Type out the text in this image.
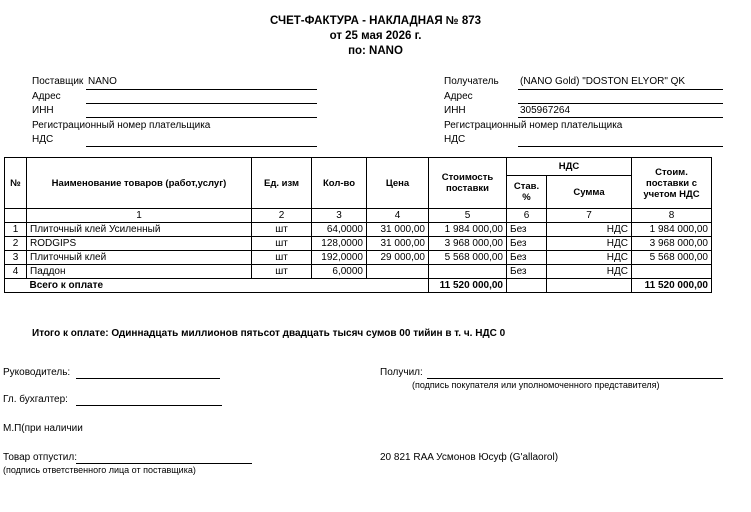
СЧЕТ-ФАКТУРА - НАКЛАДНАЯ № 873
от 25 мая 2026 г.
по: NANO
Поставщик NANO
Адрес
ИНН
Регистрационный номер плательщика
НДС
Получатель (NANO Gold) "DOSTON ELYOR" QK
Адрес
ИНН	305967264
Регистрационный номер плательщика
НДС
№	Наименование товаров (работ,услуг)	Ед. изм	Кол-во	Цена	Стоимость поставки	НДС		Стоим. поставки с учетом НДС
						Став. %	Сумма	
	1	2	3	4	5	6	7	8
1	Плиточный клей Усиленный	шт	64,0000	31 000,00	1 984 000,00	Без	НДС	1 984 000,00
2	RODGIPS	шт	128,0000	31 000,00	3 968 000,00	Без	НДС	3 968 000,00
3	Плиточный клей	шт	192,0000	29 000,00	5 568 000,00	Без	НДС	5 568 000,00
4	Паддон	шт	6,0000			Без	НДС	
	Всего к оплате				11 520 000,00			11 520 000,00
Итого к оплате: Одиннадцать миллионов пятьсот двадцать тысяч сумов 00 тийин в т. ч. НДС 0
Руководитель:
Гл. бухгалтер:
М.П(при наличии
Товар отпустил:
(подпись ответственного лица от поставщика)
Получил:
(подпись покупателя или уполномоченного представителя)
20 821 RAA Усмонов Юсуф (G'allaorol)
